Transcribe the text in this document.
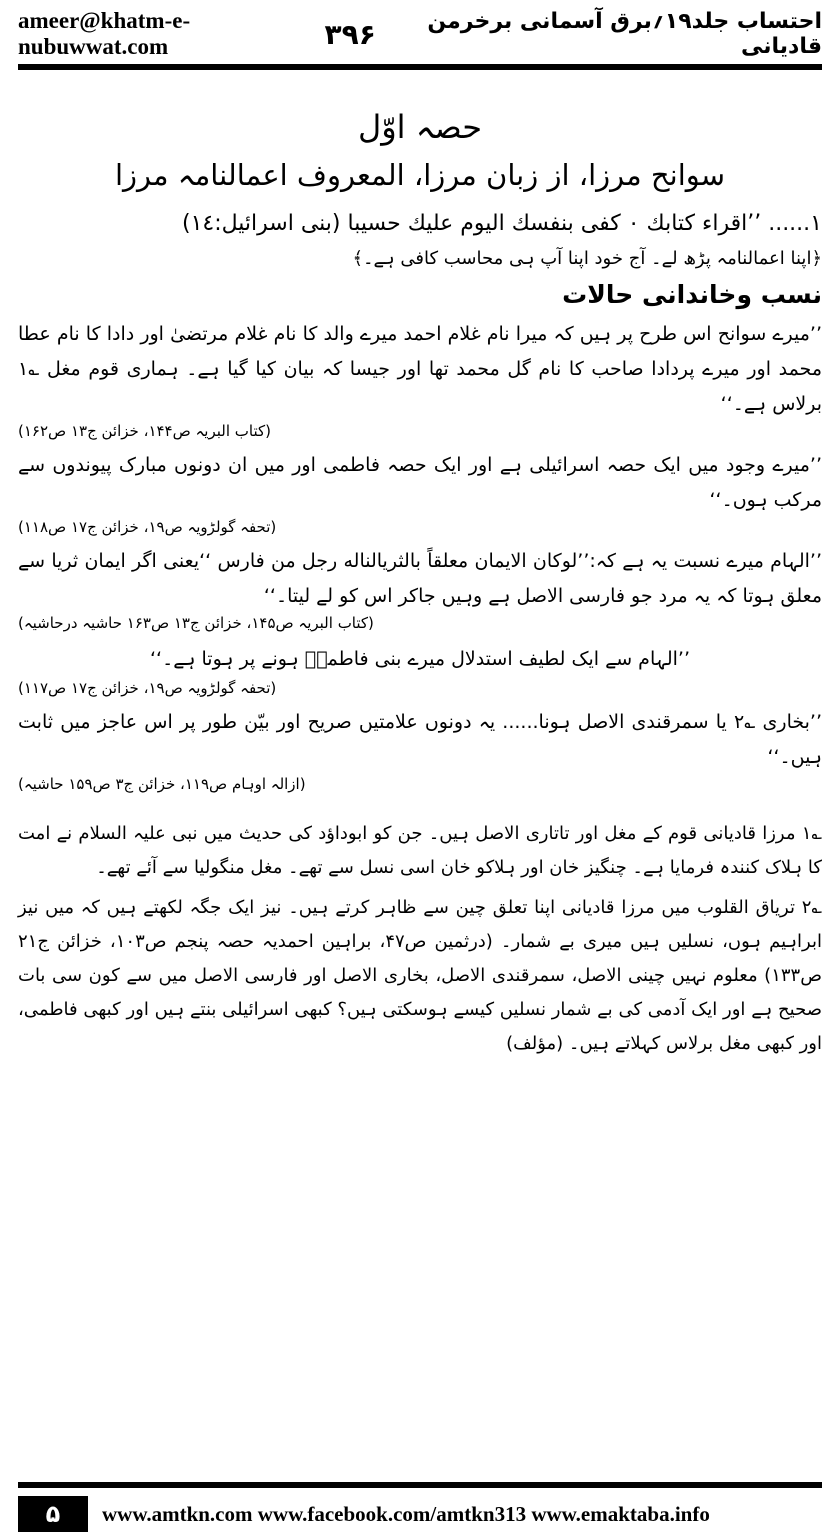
ameer@khatm-e-nubuwwat.com	۳۹۶	احتساب جلد۱۹؍برق آسمانی برخرمن قادیانی
حصہ اوّل
سوانح مرزا، از زبان مرزا، المعروف اعمالنامہ مرزا

۱...... ’’اقراء کتابك ۰ کفی بنفسك الیوم علیك حسیبا (بنی اسرائیل:۱٤)

﴿اپنا اعمالنامہ پڑھ لے۔ آج خود اپنا آپ ہی محاسب کافی ہے۔﴾

نسب وخاندانی حالات

’’میرے سوانح اس طرح پر ہیں کہ میرا نام غلام احمد میرے والد کا نام غلام مرتضیٰ اور دادا کا نام عطا محمد اور میرے پردادا صاحب کا نام گل محمد تھا اور جیسا کہ بیان کیا گیا ہے۔ ہماری قوم مغل ؎۱ برلاس ہے۔‘‘

(کتاب البریہ ص۱۴۴، خزائن ج۱۳ ص۱۶۲)

’’میرے وجود میں ایک حصہ اسرائیلی ہے اور ایک حصہ فاطمی اور میں ان دونوں مبارک پیوندوں سے مرکب ہوں۔‘‘

(تحفہ گولڑویہ ص۱۹، خزائن ج۱۷ ص۱۱۸)

’’الہام میرے نسبت یہ ہے کہ:’’لوکان الایمان معلقاً بالثریالناله رجل من فارس ‘‘یعنی اگر ایمان ثریا سے معلق ہوتا کہ یہ مرد جو فارسی الاصل ہے وہیں جاکر اس کو لے لیتا۔‘‘

(کتاب البریہ ص۱۴۵، خزائن ج۱۳ ص۱۶۳ حاشیہ درحاشیہ)

’’الہام سے ایک لطیف استدلال میرے بنی فاطمہؓ ہونے پر ہوتا ہے۔‘‘

(تحفہ گولڑویہ ص۱۹، خزائن ج۱۷ ص۱۱۷)

’’بخاری ؎۲ یا سمرقندی الاصل ہونا...... یہ دونوں علامتیں صریح اور بیّن طور پر اس عاجز میں ثابت ہیں۔‘‘

(ازالہ اوہام ص۱۱۹، خزائن ج۳ ص۱۵۹ حاشیہ)

؎۱ مرزا قادیانی قوم کے مغل اور تاتاری الاصل ہیں۔ جن کو ابوداؤد کی حدیث میں نبی علیہ السلام نے امت کا ہلاک کنندہ فرمایا ہے۔ چنگیز خان اور ہلاکو خان اسی نسل سے تھے۔ مغل منگولیا سے آئے تھے۔

؎۲ تریاق القلوب میں مرزا قادیانی اپنا تعلق چین سے ظاہر کرتے ہیں۔ نیز ایک جگہ لکھتے ہیں کہ میں نیز ابراہیم ہوں، نسلیں ہیں میری بے شمار۔ (درثمین ص۴۷، براہین احمدیہ حصہ پنجم ص۱۰۳، خزائن ج۲۱ ص۱۳۳) معلوم نہیں چینی الاصل، سمرقندی الاصل، بخاری الاصل اور فارسی الاصل میں سے کون سی بات صحیح ہے اور ایک آدمی کی بے شمار نسلیں کیسے ہوسکتی ہیں؟ کبھی اسرائیلی بنتے ہیں اور کبھی فاطمی، اور کبھی مغل برلاس کہلاتے ہیں۔ (مؤلف)

۵	www.amtkn.com www.facebook.com/amtkn313 www.emaktaba.info
